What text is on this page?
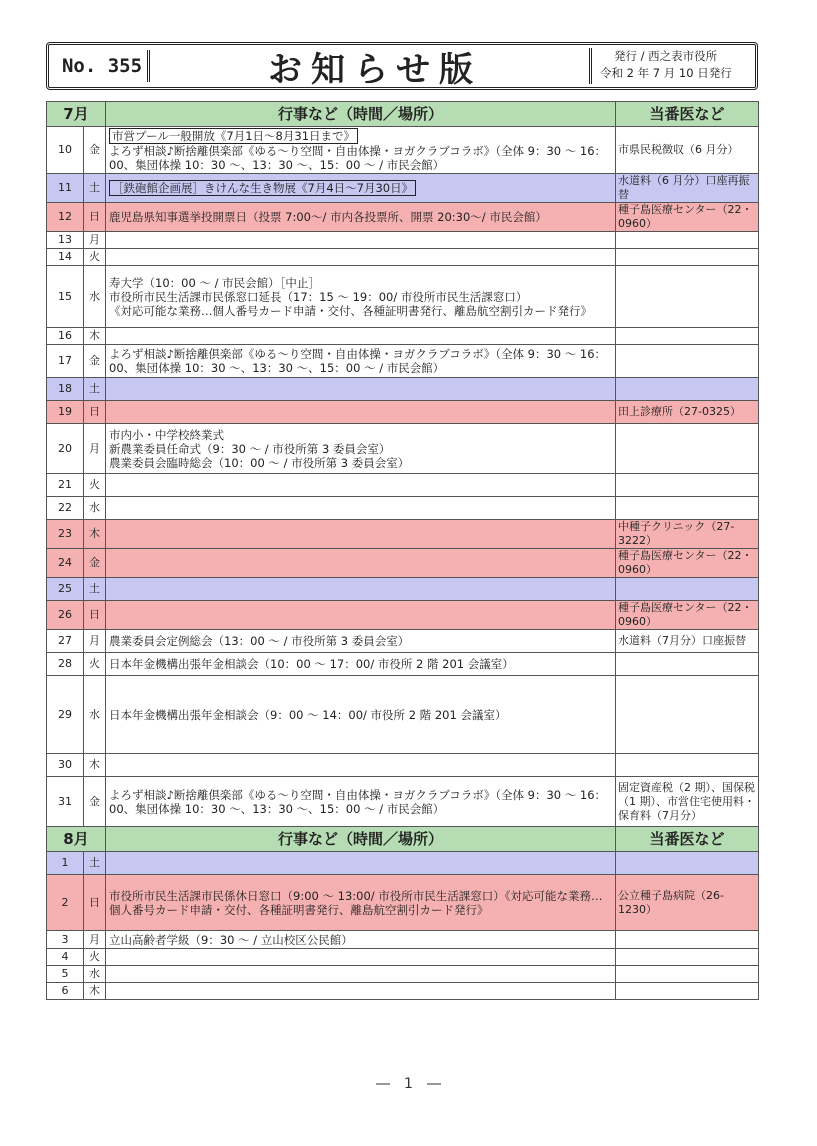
No. 355	お知らせ版	発行 / 西之表市役所
令和 2 年 7 月 10 日発行
7月		行事など（時間／場所）	当番医など
10	金	市営プール一般開放《7月1日～8月31日まで》
よろず相談♪断捨離倶楽部《ゆる～り空間・自由体操・ヨガクラブコラボ》（全体 9：30 ～ 16：00、集団体操 10：30 ～、13：30 ～、15：00 ～ / 市民会館）	市県民税徴収（6 月分）
11	土	［鉄砲館企画展］きけんな生き物展《7月4日～7月30日》	水道料（6 月分）口座再振替
12	日	鹿児島県知事選挙投開票日（投票 7:00～/ 市内各投票所、開票 20:30～/ 市民会館）	種子島医療センター（22・0960）
13	月		
14	火		
15	水	寿大学（10：00 ～ / 市民会館）［中止］
市役所市民生活課市民係窓口延長（17：15 ～ 19：00/ 市役所市民生活課窓口）
《対応可能な業務…個人番号カード申請・交付、各種証明書発行、離島航空割引カード発行》	

16	木		
17	金	よろず相談♪断捨離倶楽部《ゆる～り空間・自由体操・ヨガクラブコラボ》（全体 9：30 ～ 16：00、集団体操 10：30 ～、13：30 ～、15：00 ～ / 市民会館）	

18	土		
19	日		田上診療所（27-0325）
20	月	市内小・中学校終業式
新農業委員任命式（9：30 ～ / 市役所第 3 委員会室）
農業委員会臨時総会（10：00 ～ / 市役所第 3 委員会室）	

21	火		
22	水		
23	木		中種子クリニック（27-3222）
24	金		種子島医療センター（22・0960）
25	土		
26	日		種子島医療センター（22・0960）
27	月	農業委員会定例総会（13：00 ～ / 市役所第 3 委員会室）	水道料（7月分）口座振替
28	火	日本年金機構出張年金相談会（10：00 ～ 17：00/ 市役所 2 階 201 会議室）	

29	水	日本年金機構出張年金相談会（9：00 ～ 14：00/ 市役所 2 階 201 会議室）	

30	木		
31	金	よろず相談♪断捨離倶楽部《ゆる～り空間・自由体操・ヨガクラブコラボ》（全体 9：30 ～ 16：00、集団体操 10：30 ～、13：30 ～、15：00 ～ / 市民会館）	固定資産税（2 期）、国保税（1 期）、市営住宅使用料・保育料（7月分）
8月		行事など（時間／場所）	当番医など
1	土		
2	日	市役所市民生活課市民係休日窓口（9:00 ～ 13:00/ 市役所市民生活課窓口）《対応可能な業務…個人番号カード申請・交付、各種証明書発行、離島航空割引カード発行》	公立種子島病院（26-1230）
3	月	立山高齢者学級（9：30 ～ / 立山校区公民館）	

4	火		
5	水		
6	木		
―　1　―
